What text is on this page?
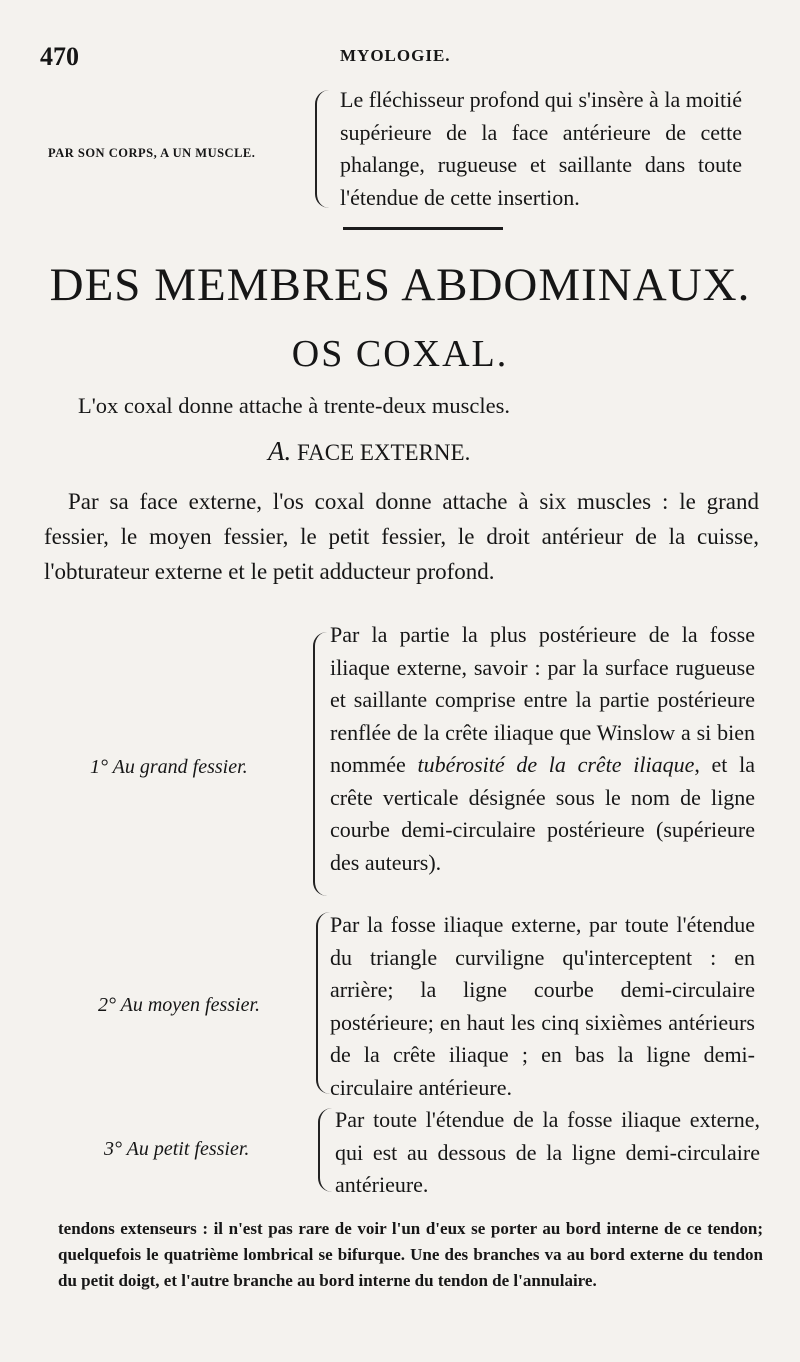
470	MYOLOGIE.
PAR SON CORPS, A UN MUSCLE.

Le fléchisseur profond qui s'insère à la moitié supérieure de la face antérieure de cette phalange, rugueuse et saillante dans toute l'étendue de cette insertion.

DES MEMBRES ABDOMINAUX.
OS COXAL.
L'ox coxal donne attache à trente-deux muscles.
A. FACE EXTERNE.
Par sa face externe, l'os coxal donne attache à six muscles : le grand fessier, le moyen fessier, le petit fessier, le droit antérieur de la cuisse, l'obturateur externe et le petit adducteur profond.
1° Au grand fessier.

Par la partie la plus postérieure de la fosse iliaque externe, savoir : par la surface rugueuse et saillante comprise entre la partie postérieure renflée de la crête iliaque que Winslow a si bien nommée tubérosité de la crête iliaque, et la crête verticale désignée sous le nom de ligne courbe demi-circulaire postérieure (supérieure des auteurs).

2° Au moyen fessier.

Par la fosse iliaque externe, par toute l'étendue du triangle curviligne qu'interceptent : en arrière; la ligne courbe demi-circulaire postérieure; en haut les cinq sixièmes antérieurs de la crête iliaque ; en bas la ligne demi-circulaire antérieure.

3° Au petit fessier.

Par toute l'étendue de la fosse iliaque externe, qui est au dessous de la ligne demi-circulaire antérieure.

tendons extenseurs : il n'est pas rare de voir l'un d'eux se porter au bord interne de ce tendon; quelquefois le quatrième lombrical se bifurque. Une des branches va au bord externe du tendon du petit doigt, et l'autre branche au bord interne du tendon de l'annulaire.
